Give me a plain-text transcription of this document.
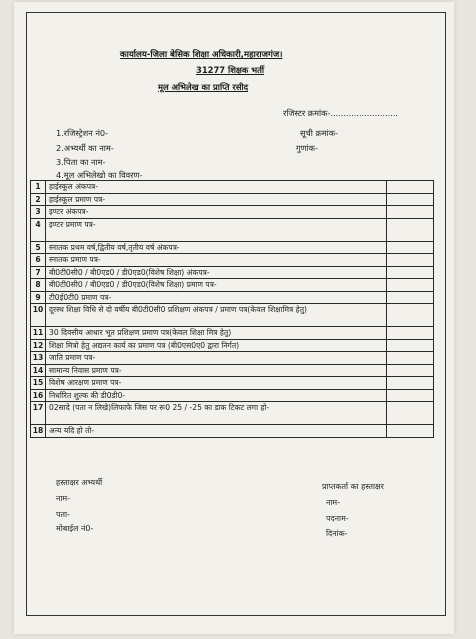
कार्यालय-जिला बेसिक शिक्षा अधिकारी,महाराजगंज।
31277 शिक्षक भर्ती
मूल अभिलेख का प्राप्ति रसीद
रजिस्टर क्रमांक-..........................
1.रजिस्ट्रेशन नं0-	सूची क्रमांक-
2.अभ्यर्थी का नाम-	गुणांक-
3.पिता का नाम-
4.मूल अभिलेखो का विवरण-
1	हाईस्कूल अंकपत्र-	
2	हाईस्कूल प्रमाण पत्र-	
3	इण्टर अंकपत्र-	
4	इण्टर प्रमाण पत्र-	
5	स्नातक प्रथम वर्ष,द्वितीय वर्ष,तृतीय वर्ष अंकपत्र-	
6	स्नातक प्रमाण पत्र-	
7	बी0टी0सी0 / बी0एड0 / डी0एड0(विशेष शिक्षा) अंकपत्र-	
8	बी0टी0सी0 / बी0एड0 / डी0एड0(विशेष शिक्षा) प्रमाण पत्र-	
9	टी0ई0टी0 प्रमाण पत्र-	
10	दूरस्थ शिक्षा विधि से दो वर्षीय बी0टी0सी0 प्रशिक्षण अंकपत्र / प्रमाण पत्र(केवल शिक्षामित्र हेतु)	
11	30 दिवसीय आधार भूत प्रशिक्षण प्रमाण पत्र(केवल शिक्षा मित्र हेतु)	
12	शिक्षा मित्रो हेतु अद्यतन कार्य का प्रमाण पत्र (बी0एस0ए0 द्वारा निर्गत)	
13	जाति प्रमाण पत्र-	
14	सामान्य निवास प्रमाण पत्र-	
15	विशेष आरक्षण प्रमाण पत्र-	
16	निर्धारित शुल्क की डी0डी0-	
17	02सादे (पता न लिखे)लिफाफे जिस पर रू0 25 / -25 का डाक टिकट लगा हो-	
18	अन्य यदि हो तो-	
हस्ताक्षर अभ्यर्थी
नाम-
पता-
मोबाईल नं0-
प्राप्तकर्ता का हस्ताक्षर
नाम-
पदनाम-
दिनांक-
